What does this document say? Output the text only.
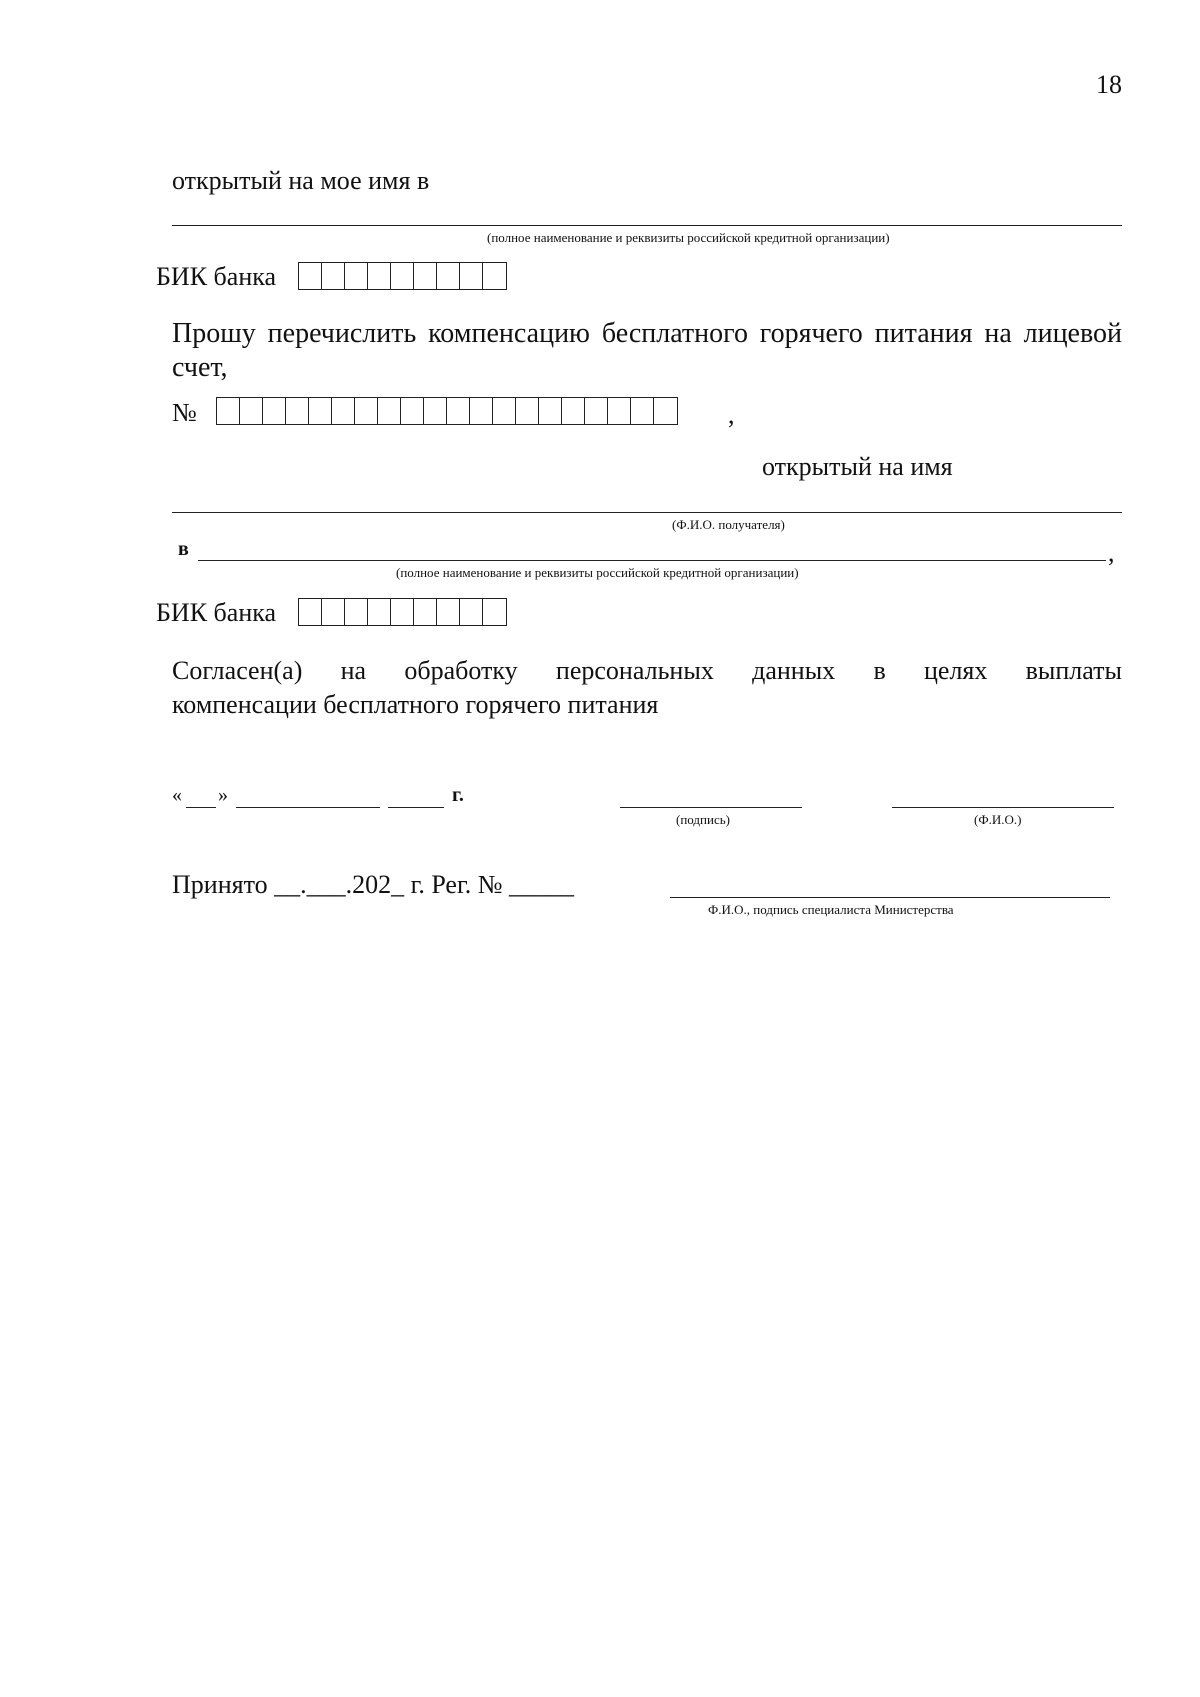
18
открытый на мое имя в
(полное наименование и реквизиты российской кредитной организации)
БИК банка
Прошу перечислить компенсацию бесплатного горячего питания на лицевой
счет,
№	,
открытый на имя
(Ф.И.О. получателя)
в	,
(полное наименование и реквизиты российской кредитной организации)
БИК банка
Согласен(а) на обработку персональных данных в целях выплаты
компенсации бесплатного горячего питания
« »	г.
(подпись)	(Ф.И.О.)
Принято __.___.202_ г. Рег. № _____
Ф.И.О., подпись специалиста Министерства
